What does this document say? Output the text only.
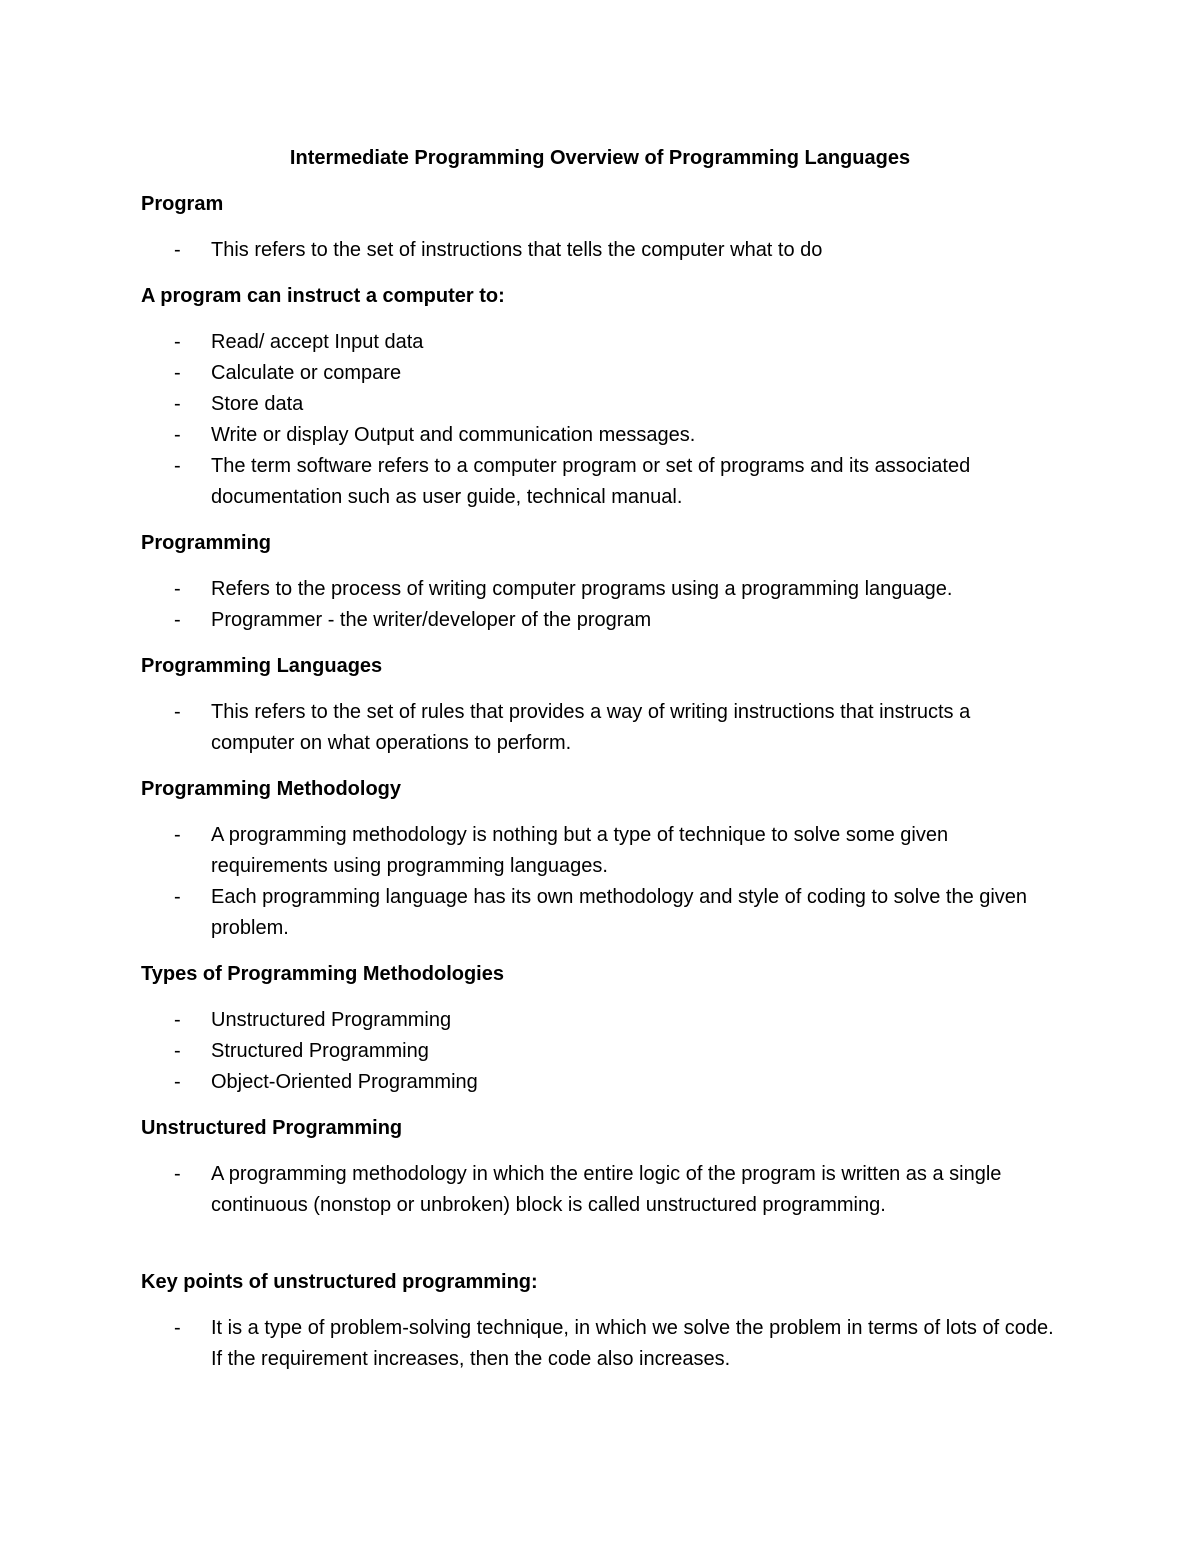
Intermediate Programming Overview of Programming Languages

Program

- This refers to the set of instructions that tells the computer what to do

A program can instruct a computer to:

- Read/ accept Input data
- Calculate or compare
- Store data
- Write or display Output and communication messages.
- The term software refers to a computer program or set of programs and its associated documentation such as user guide, technical manual.

Programming

- Refers to the process of writing computer programs using a programming language.
- Programmer - the writer/developer of the program

Programming Languages

- This refers to the set of rules that provides a way of writing instructions that instructs a computer on what operations to perform.

Programming Methodology

- A programming methodology is nothing but a type of technique to solve some given requirements using programming languages.
- Each programming language has its own methodology and style of coding to solve the given problem.

Types of Programming Methodologies

- Unstructured Programming
- Structured Programming
- Object-Oriented Programming

Unstructured Programming

- A programming methodology in which the entire logic of the program is written as a single continuous (nonstop or unbroken) block is called unstructured programming.

Key points of unstructured programming:

- It is a type of problem-solving technique, in which we solve the problem in terms of lots of code. If the requirement increases, then the code also increases.
